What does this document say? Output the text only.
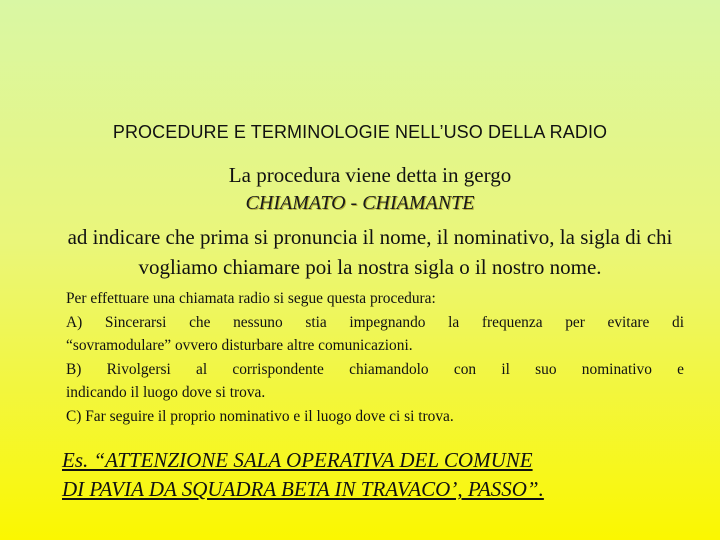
PROCEDURE E TERMINOLOGIE NELL’USO DELLA RADIO
La procedura viene detta in gergo
CHIAMATO - CHIAMANTE
ad indicare che prima si pronuncia il nome, il nominativo, la sigla di chi vogliamo chiamare poi la nostra sigla o il nostro nome.
Per effettuare una chiamata radio si segue questa procedura:
A) Sincerarsi che nessuno stia impegnando la frequenza per evitare di
“sovramodulare” ovvero disturbare altre comunicazioni.
B) Rivolgersi al corrispondente chiamandolo con il suo nominativo e
indicando il luogo dove si trova.
C) Far seguire il proprio nominativo e il luogo dove ci si trova.
Es. “ATTENZIONE SALA OPERATIVA DEL COMUNE
DI PAVIA DA SQUADRA BETA IN TRAVACO’, PASSO”.
